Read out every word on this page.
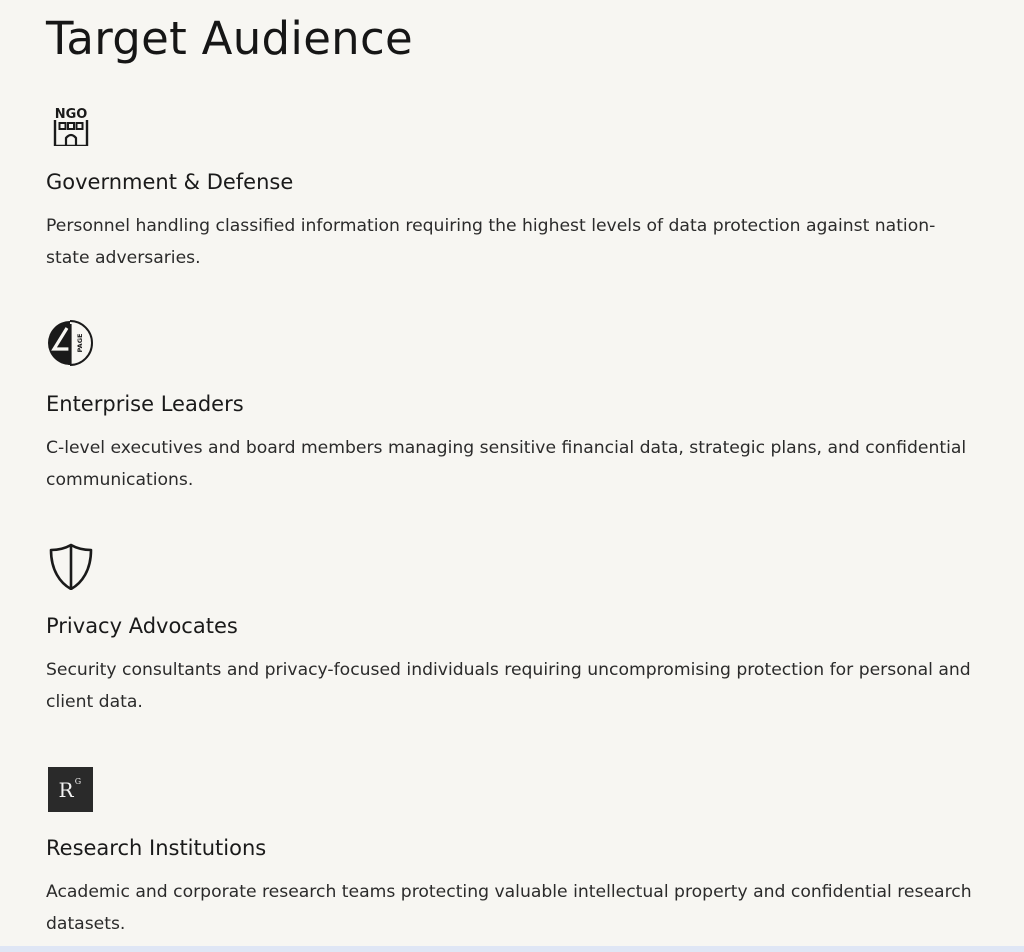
Target Audience
NGO
Government & Defense

Personnel handling classified information requiring the highest levels of data protection against nation-state adversaries.

PAGE
Enterprise Leaders

C-level executives and board members managing sensitive financial data, strategic plans, and confidential communications.

Privacy Advocates

Security consultants and privacy-focused individuals requiring uncompromising protection for personal and client data.

R G
Research Institutions

Academic and corporate research teams protecting valuable intellectual property and confidential research datasets.
